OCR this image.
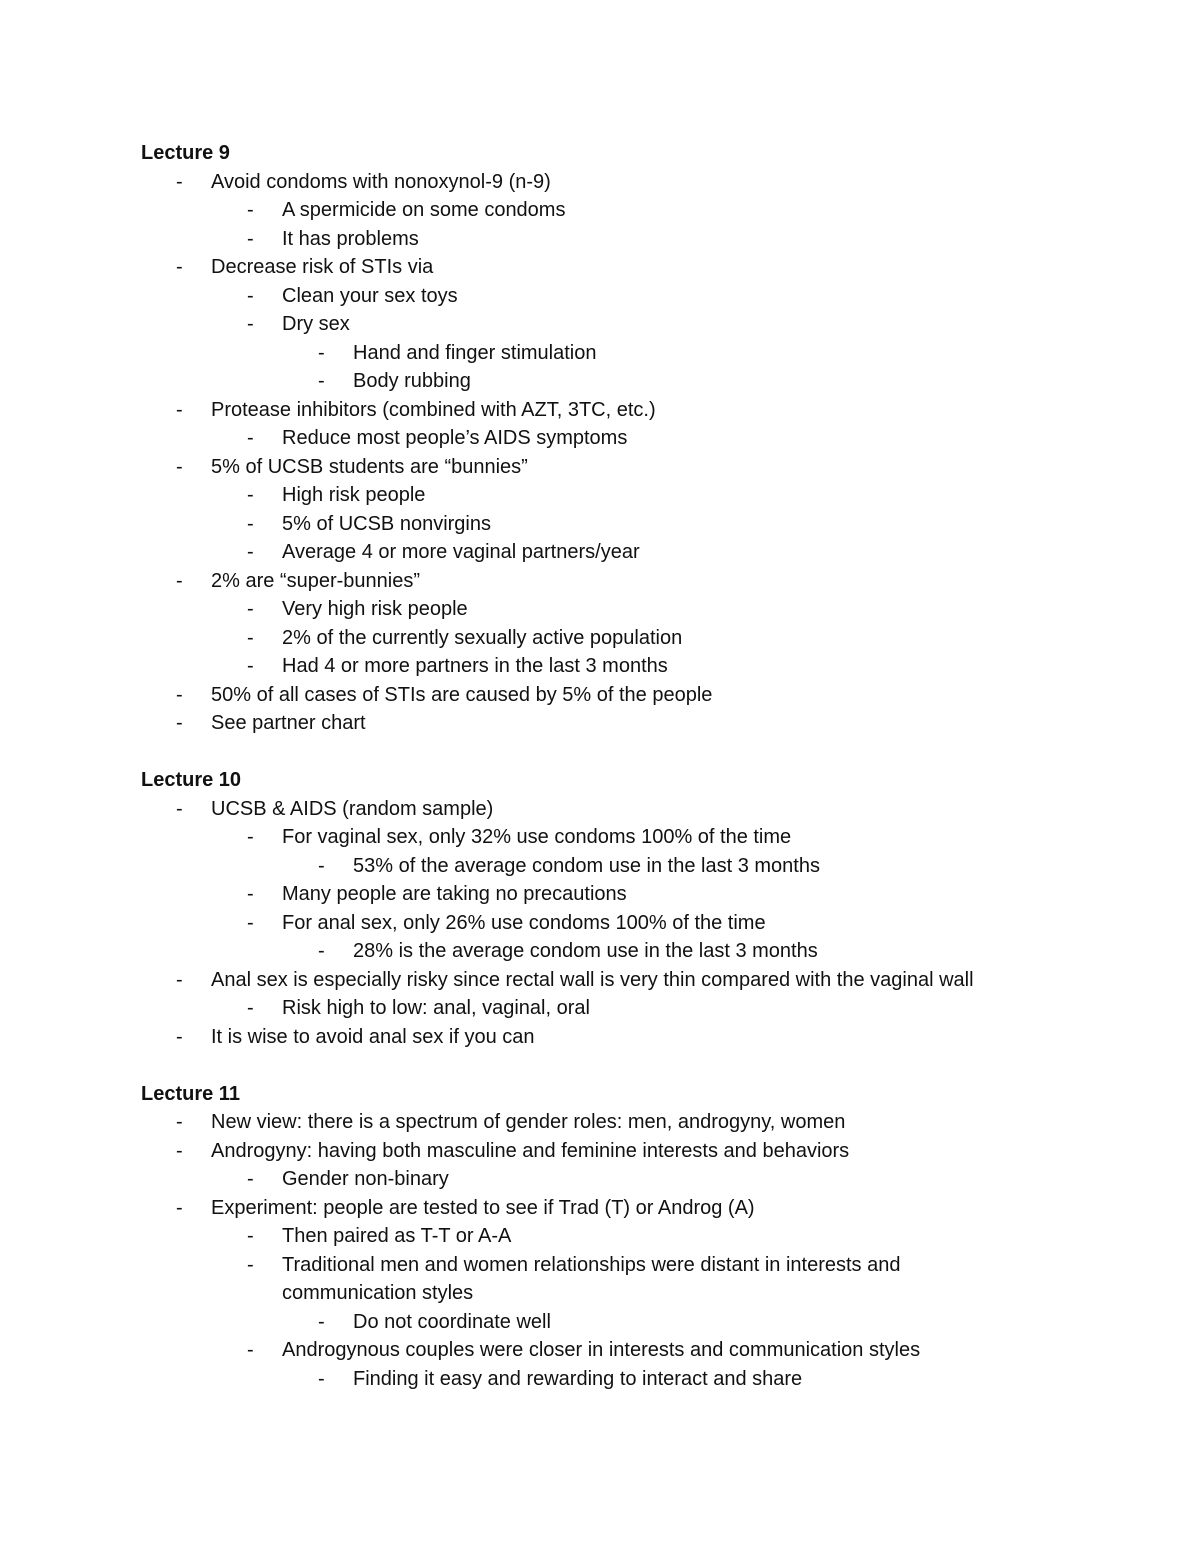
Lecture 9
- Avoid condoms with nonoxynol-9 (n-9)
- A spermicide on some condoms
- It has problems
- Decrease risk of STIs via
- Clean your sex toys
- Dry sex
- Hand and finger stimulation
- Body rubbing
- Protease inhibitors (combined with AZT, 3TC, etc.)
- Reduce most people’s AIDS symptoms
- 5% of UCSB students are “bunnies”
- High risk people
- 5% of UCSB nonvirgins
- Average 4 or more vaginal partners/year
- 2% are “super-bunnies”
- Very high risk people
- 2% of the currently sexually active population
- Had 4 or more partners in the last 3 months
- 50% of all cases of STIs are caused by 5% of the people
- See partner chart
Lecture 10
- UCSB & AIDS (random sample)
- For vaginal sex, only 32% use condoms 100% of the time
- 53% of the average condom use in the last 3 months
- Many people are taking no precautions
- For anal sex, only 26% use condoms 100% of the time
- 28% is the average condom use in the last 3 months
- Anal sex is especially risky since rectal wall is very thin compared with the vaginal wall
- Risk high to low: anal, vaginal, oral
- It is wise to avoid anal sex if you can
Lecture 11
- New view: there is a spectrum of gender roles: men, androgyny, women
- Androgyny: having both masculine and feminine interests and behaviors
- Gender non-binary
- Experiment: people are tested to see if Trad (T) or Androg (A)
- Then paired as T-T or A-A
- Traditional men and women relationships were distant in interests and communication styles
- Do not coordinate well
- Androgynous couples were closer in interests and communication styles
- Finding it easy and rewarding to interact and share
